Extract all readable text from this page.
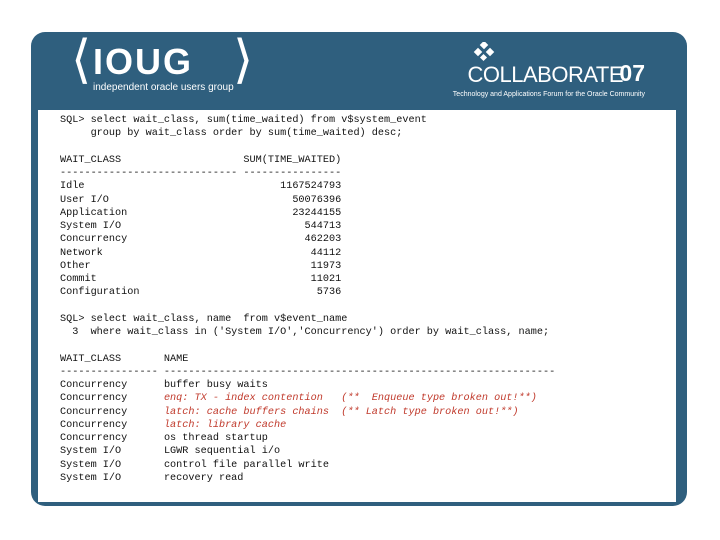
⟨ IOUG ⟩
independent oracle users group
COLLABORATE
07
Technology and Applications Forum for the Oracle Community
SQL> select wait_class, sum(time_waited) from v$system_event
group by wait_class order by sum(time_waited) desc;

WAIT_CLASS                    SUM(TIME_WAITED)
----------------------------- ----------------
Idle                                1167524793
User I/O                              50076396
Application                           23244155
System I/O                              544713
Concurrency                             462203
Network                                  44112
Other                                    11973
Commit                                   11021
Configuration                             5736

SQL> select wait_class, name  from v$event_name
3  where wait_class in ('System I/O','Concurrency') order by wait_class, name;

WAIT_CLASS       NAME
---------------- ----------------------------------------------------------------
Concurrency      buffer busy waits
Concurrency      enq: TX - index contention   (**  Enqueue type broken out!**)
Concurrency      latch: cache buffers chains  (** Latch type broken out!**)
Concurrency      latch: library cache
Concurrency      os thread startup
System I/O       LGWR sequential i/o
System I/O       control file parallel write
System I/O       recovery read
